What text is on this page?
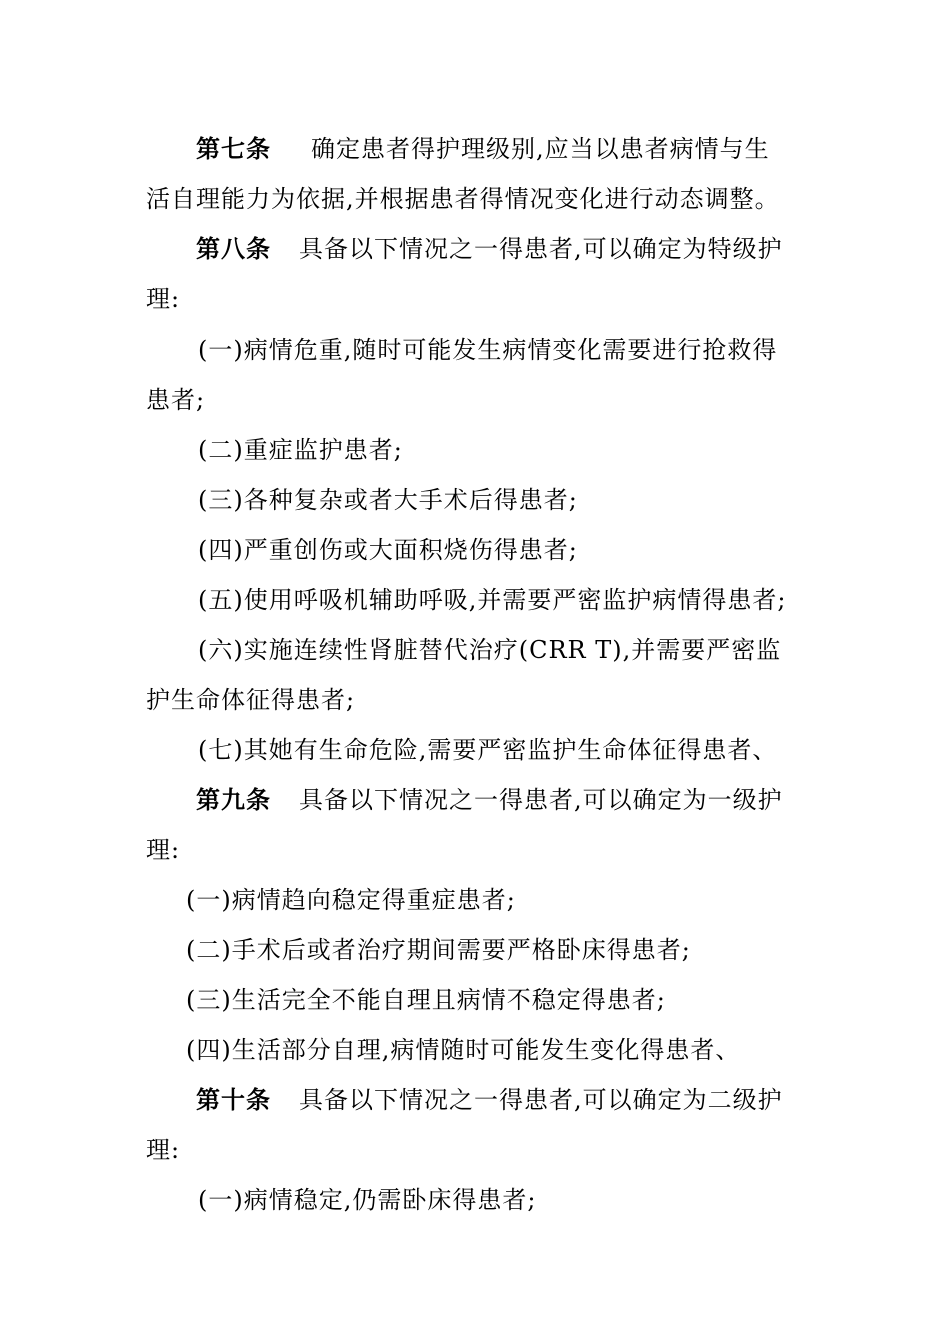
第七条 确定患者得护理级别,应当以患者病情与生
活自理能力为依据,并根据患者得情况变化进行动态调整。
第八条 具备以下情况之一得患者,可以确定为特级护
理:
(一)病情危重,随时可能发生病情变化需要进行抢救得
患者;
(二)重症监护患者;
(三)各种复杂或者大手术后得患者;
(四)严重创伤或大面积烧伤得患者;
(五)使用呼吸机辅助呼吸,并需要严密监护病情得患者;
(六)实施连续性肾脏替代治疗(CRR T),并需要严密监
护生命体征得患者;
(七)其她有生命危险,需要严密监护生命体征得患者、
第九条 具备以下情况之一得患者,可以确定为一级护
理:
(一)病情趋向稳定得重症患者;
(二)手术后或者治疗期间需要严格卧床得患者;
(三)生活完全不能自理且病情不稳定得患者;
(四)生活部分自理,病情随时可能发生变化得患者、
第十条 具备以下情况之一得患者,可以确定为二级护
理:
(一)病情稳定,仍需卧床得患者;
